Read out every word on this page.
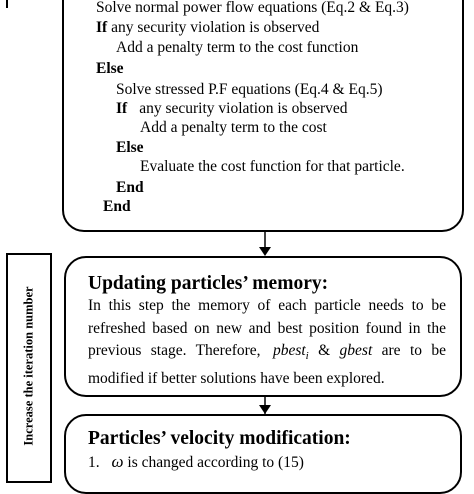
Solve normal power flow equations (Eq.2 & Eq.3)
If any security violation is observed
Add a penalty term to the cost function
Else
Solve stressed P.F equations (Eq.4 & Eq.5)
If any security violation is observed
Add a penalty term to the cost
Else
Evaluate the cost function for that particle.
End
End
Increase the iteration number
Updating particles’ memory:
In this step the memory of each particle needs to be refreshed based on new and best position found in the previous stage. Therefore, pbest$_i$ & gbest are to be modified if better solutions have been explored.
Particles’ velocity modification:
1. ω is changed according to (15)
